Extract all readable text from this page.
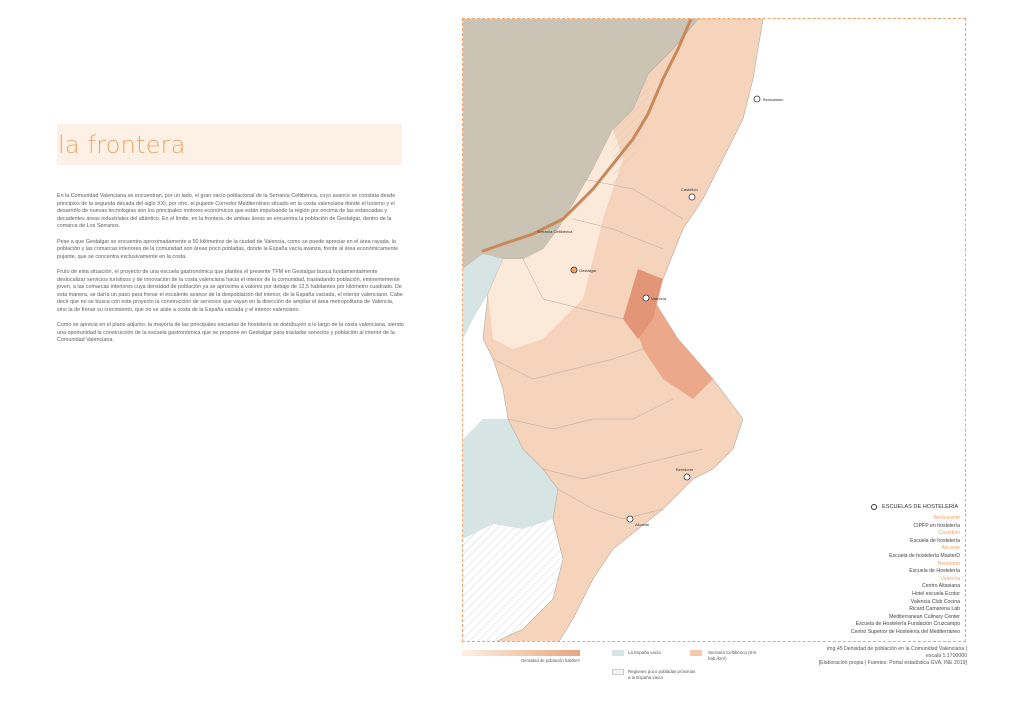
la frontera

En la Comunidad Valenciana se encuentran, por un lado, el gran vacío poblacional de la Serranía Celtibérica, cuyo avance se constata desde principios de la segunda década del siglo XXI, por otro, el pujante Corredor Mediterráneo situado en la costa valenciana donde el turismo y el desarrollo de nuevas tecnologías son los principales motores económicos que están impulsando la región por encima de las estancadas y decadentes áreas industriales del atlántico. En el límite, en la frontera, de ambas áreas se encuentra la población de Gestalgar, dentro de la comarca de Los Serranos.

Pese a que Gestalgar se encuentra aproximadamente a 50 kilómetros de la ciudad de Valencia, como se puede apreciar en el área rayada, la población y las comarcas interiores de la comunidad son áreas poco pobladas, donde la España vacía avanza, frente al área económicamente pujante, que se concentra exclusivamente en la costa.

Fruto de esta situación, el proyecto de una escuela gastronómica que plantea el presente TFM en Gestalgar busca fundamentalmente deslocalizar servicios turísticos y de innovación de la costa valenciana hacia el interior de la comunidad, trasladando población, eminentemente joven, a las comarcas interiores cuya densidad de población ya se aproxima a valores por debajo de 12,5 habitantes por kilómetro cuadrado. De esta manera, se daría un paso para frenar el escalente avance de la despoblación del interior, de la España vaciada, el interior valenciano. Cabe decir que no se busca con este proyecto la construcción de servicios que vayan en la dirección de ampliar el área metropolitana de Valencia, sino la de frenar su crecimiento, que no se aísle a costa de la España vaciada y el interior valenciano.

Como se aprecia en el plano adjunto, la mayoría de las principales escuelas de hostelería se distribuyen a lo largo de la costa valenciana, siendo una oportunidad la construcción de la escuela gastronómica que se propone en Gestalgar para trasladar servicios y población al interior de la Comunidad Valenciana.

Benicassim
Castellón
Serranía Celtibérica
Gestalgar
Valencia
Benidorm
Alicante
ESCUELAS DE HOSTELERÍA
Benicassim
CIPFP en hostelería
Castellón
Escuela de hostelería
Alicante
Escuela de hostelería MasterD
Benidorm
Escuela de Hostelería
Valencia
Centro Altaviana
Hotel escuela Ecotur
Valencia Club Cocina
Ricard Camarena Lab
Mediterranean Culinary Center
Escuela de Hostelería Fundación Cruzcampo
Centro Superior de Hostelería del Mediterráneo
Densidad de población hab/km²
La España vacía	Serranía Celtibérica (8-9 hab./km²)
Regiones poco pobladas próximas a la España vacía
img.45 Densidad de población en la Comunidad Valenciana |
escala 1:1700000
[Elaboración propia | Fuentes: Portal estadística GVA, INE 2019]
